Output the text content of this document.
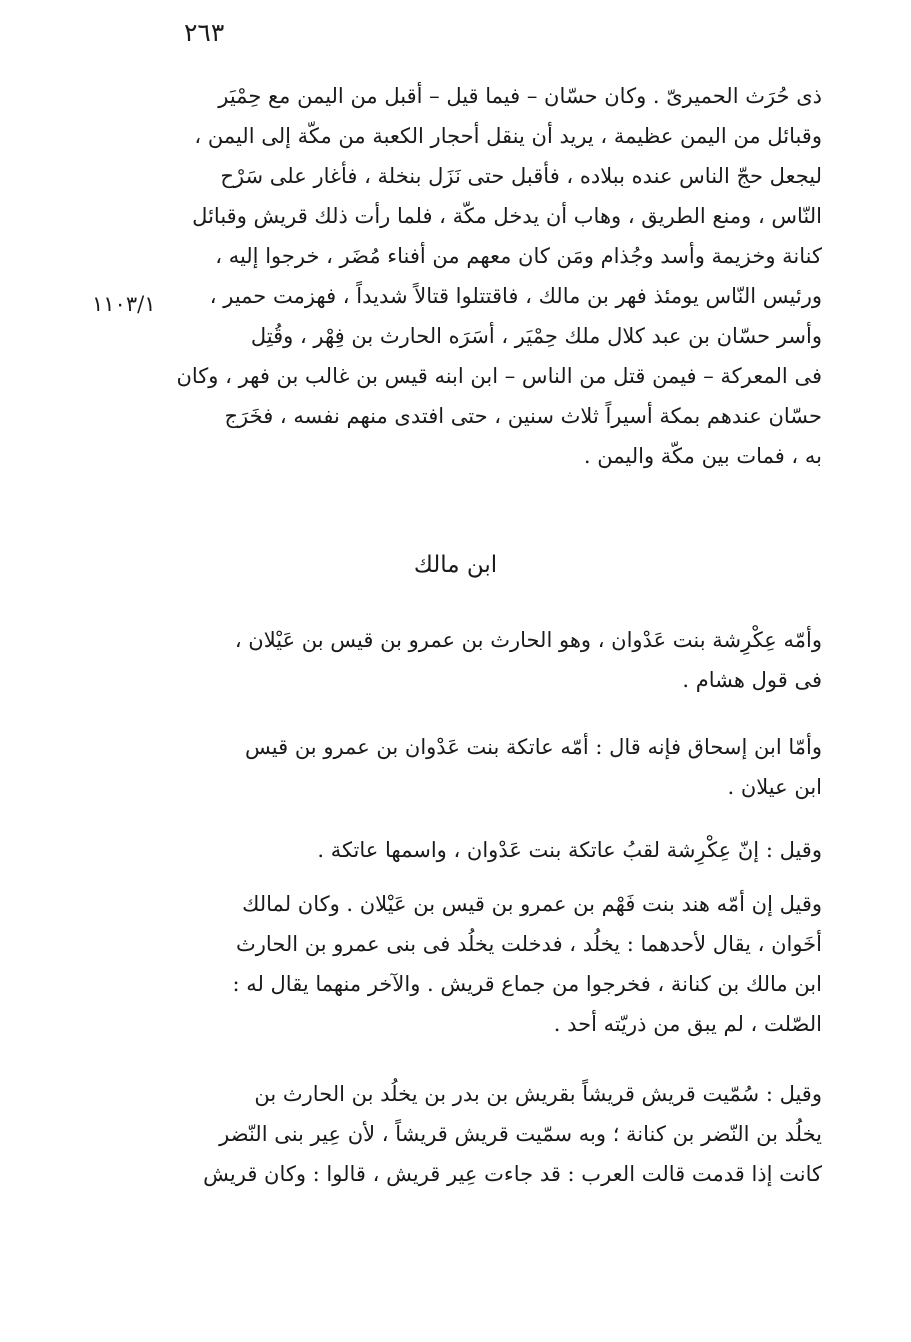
٢٦٣
١١٠٣/١
ذى حُرَث الحميرىّ . وكان حسّان – فيما قيل – أقبل من اليمن مع حِمْيَر
وقبائل من اليمن عظيمة ، يريد أن ينقل أحجار الكعبة من مكّة إلى اليمن ،
ليجعل حجّ الناس عنده ببلاده ، فأقبل حتى نَزَل بنخلة ، فأغار على سَرْح
النّاس ، ومنع الطريق ، وهاب أن يدخل مكّة ، فلما رأت ذلك قريش وقبائل
كنانة وخزيمة وأسد وجُذام ومَن كان معهم من أفناء مُضَر ، خرجوا إليه ،
ورئيس النّاس يومئذ فهر بن مالك ، فاقتتلوا قتالاً شديداً ، فهزمت حمير ،
وأسر حسّان بن عبد كلال ملك حِمْيَر ، أسَرَه الحارث بن فِهْر ، وقُتِل
فى المعركة – فيمن قتل من الناس – ابن ابنه قيس بن غالب بن فهر ، وكان
حسّان عندهم بمكة أسيراً ثلاث سنين ، حتى افتدى منهم نفسه ، فخَرَج
به ، فمات بين مكّة واليمن .
ابن مالك
وأمّه عِكْرِشة بنت عَدْوان ، وهو الحارث بن عمرو بن قيس بن عَيْلان ،
فى قول هشام .
وأمّا ابن إسحاق فإنه قال : أمّه عاتكة بنت عَدْوان بن عمرو بن قيس
ابن عيلان .
وقيل : إنّ عِكْرِشة لقبُ عاتكة بنت عَدْوان ، واسمها عاتكة .
وقيل إن أمّه هند بنت فَهْم بن عمرو بن قيس بن عَيْلان . وكان لمالك
أخَوان ، يقال لأحدهما : يخلُد ، فدخلت يخلُد فى بنى عمرو بن الحارث
ابن مالك بن كنانة ، فخرجوا من جماع قريش . والآخر منهما يقال له :
الصّلت ، لم يبق من ذريّته أحد .
وقيل : سُمّيت قريش قريشاً بقريش بن بدر بن يخلُد بن الحارث بن
يخلُد بن النّضر بن كنانة ؛ وبه سمّيت قريش قريشاً ، لأن عِير بنى النّضر
كانت إذا قدمت قالت العرب : قد جاءت عِير قريش ، قالوا : وكان قريش
